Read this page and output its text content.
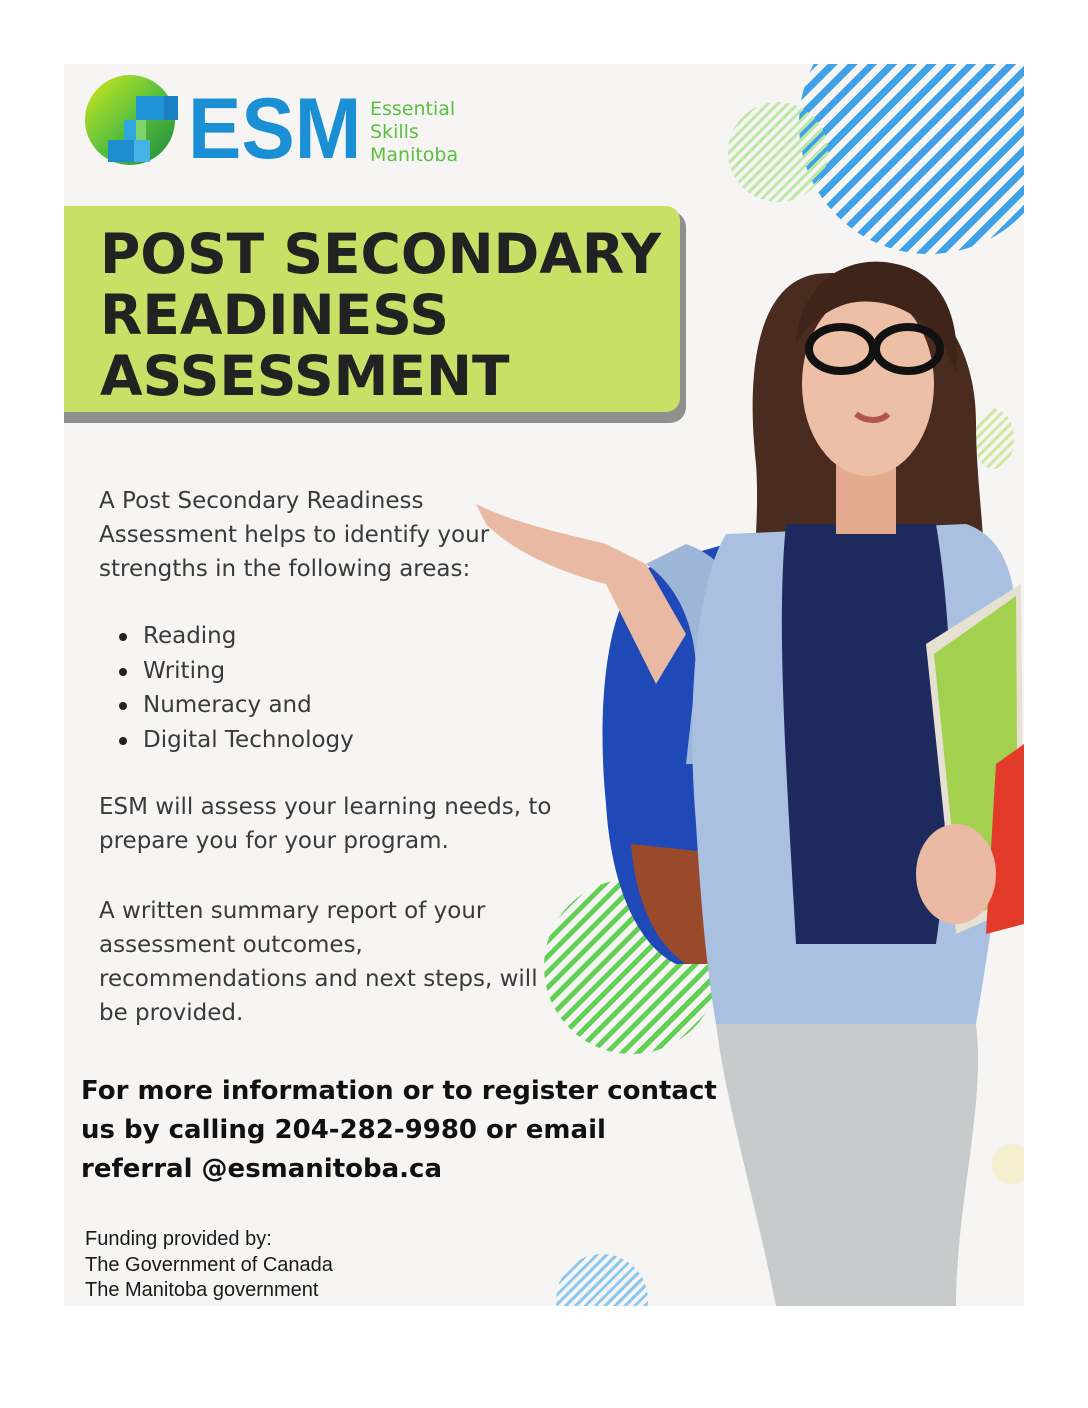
ESM Essential
Skills
Manitoba
POST SECONDARY
READINESS
ASSESSMENT
A Post Secondary Readiness
Assessment helps to identify your
strengths in the following areas:
Reading
Writing
Numeracy and
Digital Technology
ESM will assess your learning needs, to
prepare you for your program.
A written summary report of your
assessment outcomes,
recommendations and next steps, will
be provided.
For more information or to register contact
us by calling 204-282-9980 or email
referral @esmanitoba.ca
Funding provided by:
The Government of Canada
The Manitoba government
